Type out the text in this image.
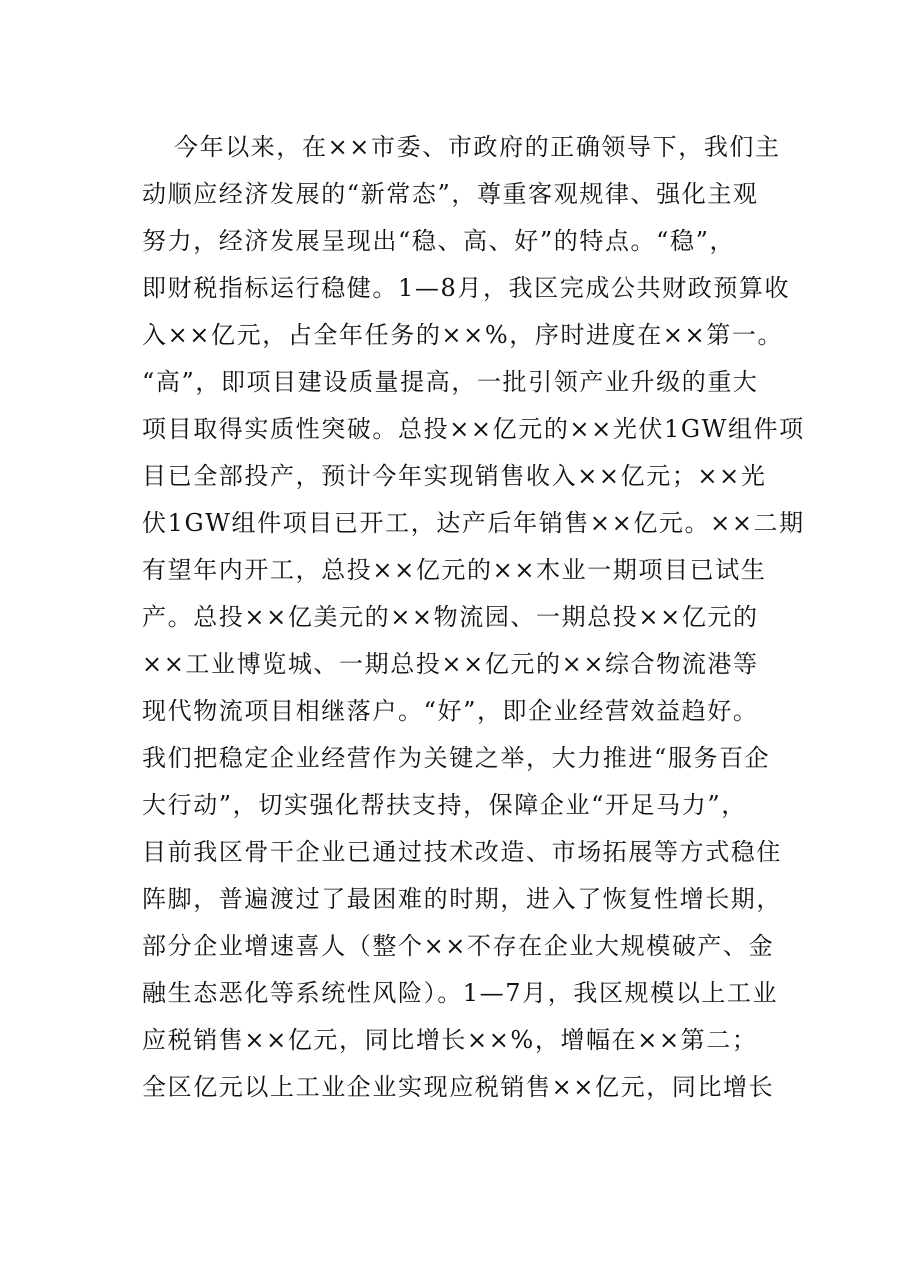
今年以来，在××市委、市政府的正确领导下，我们主
动顺应经济发展的“新常态”，尊重客观规律、强化主观
努力，经济发展呈现出“稳、高、好”的特点。“稳”，
即财税指标运行稳健。1—8月，我区完成公共财政预算收
入××亿元，占全年任务的××%，序时进度在××第一。
“高”，即项目建设质量提高，一批引领产业升级的重大
项目取得实质性突破。总投××亿元的××光伏1GW组件项
目已全部投产，预计今年实现销售收入××亿元；××光
伏1GW组件项目已开工，达产后年销售××亿元。××二期
有望年内开工，总投××亿元的××木业一期项目已试生
产。总投××亿美元的××物流园、一期总投××亿元的
××工业博览城、一期总投××亿元的××综合物流港等
现代物流项目相继落户。“好”，即企业经营效益趋好。
我们把稳定企业经营作为关键之举，大力推进“服务百企
大行动”，切实强化帮扶支持，保障企业“开足马力”，
目前我区骨干企业已通过技术改造、市场拓展等方式稳住
阵脚，普遍渡过了最困难的时期，进入了恢复性增长期，
部分企业增速喜人（整个××不存在企业大规模破产、金
融生态恶化等系统性风险）。1—7月，我区规模以上工业
应税销售××亿元，同比增长××%，增幅在××第二；
全区亿元以上工业企业实现应税销售××亿元，同比增长
